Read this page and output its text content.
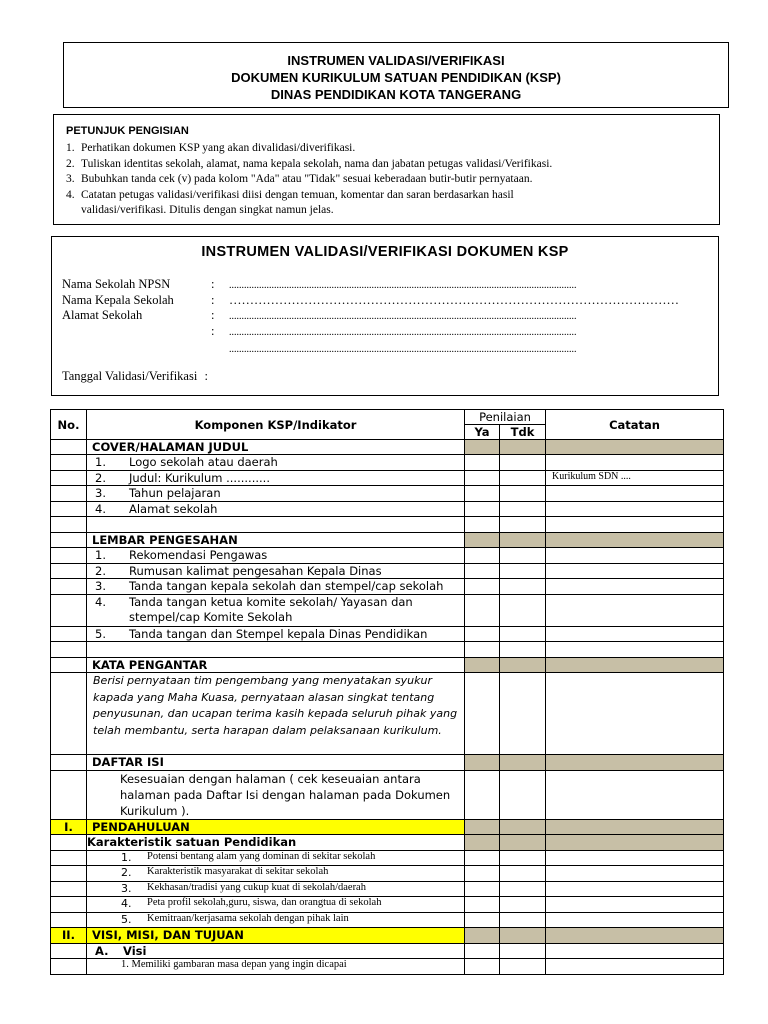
INSTRUMEN VALIDASI/VERIFIKASI
DOKUMEN KURIKULUM SATUAN PENDIDIKAN (KSP)
DINAS PENDIDIKAN KOTA TANGERANG
PETUNJUK PENGISIAN
1. Perhatikan dokumen KSP yang akan divalidasi/diverifikasi.
2. Tuliskan identitas sekolah, alamat, nama kepala sekolah, nama dan jabatan petugas validasi/Verifikasi.
3. Bubuhkan tanda cek (v) pada kolom "Ada" atau "Tidak" sesuai keberadaan butir-butir pernyataan.
4. Catatan petugas validasi/verifikasi diisi dengan temuan, komentar dan saran berdasarkan hasil validasi/verifikasi. Ditulis dengan singkat namun jelas.
INSTRUMEN VALIDASI/VERIFIKASI DOKUMEN KSP
Nama Sekolah NPSN	: ...........................................................................................................................................
Nama Kepala Sekolah	: ………………………………………………………………………………………………
Alamat Sekolah	: ...........................................................................................................................................
: ...........................................................................................................................................
...........................................................................................................................................
Tanggal Validasi/Verifikasi :
No.	Komponen KSP/Indikator	Penilaian		Catatan
		Ya	Tdk	
	COVER/HALAMAN JUDUL			

	1. Logo sekolah atau daerah			

	2. Judul: Kurikulum ............			Kurikulum SDN ....

	3. Tahun pelajaran			

	4. Alamat sekolah			

	LEMBAR PENGESAHAN			

	1. Rekomendasi Pengawas			

	2. Rumusan kalimat pengesahan Kepala Dinas			

	3. Tanda tangan kepala sekolah dan stempel/cap sekolah			

	4. Tanda tangan ketua komite sekolah/ Yayasan dan stempel/cap Komite Sekolah			

	5. Tanda tangan dan Stempel kepala Dinas Pendidikan			

	KATA PENGANTAR			
	Berisi pernyataan tim pengembang yang menyatakan syukur kapada yang Maha Kuasa, pernyataan alasan singkat tentang penyusunan, dan ucapan terima kasih kepada seluruh pihak yang telah membantu, serta harapan dalam pelaksanaan kurikulum.			
	DAFTAR ISI			
	Kesesuaian dengan halaman ( cek keseuaian antara halaman pada Daftar Isi dengan halaman pada Dokumen Kurikulum ).			
I.	PENDAHULUAN			
	Karakteristik satuan Pendidikan			

	1. Potensi bentang alam yang dominan di sekitar sekolah			

	2. Karakteristik masyarakat di sekitar sekolah			

	3. Kekhasan/tradisi yang cukup kuat di sekolah/daerah			

	4. Peta profil sekolah,guru, siswa, dan orangtua di sekolah			

	5. Kemitraan/kerjasama sekolah dengan pihak lain			
II.	VISI, MISI, DAN TUJUAN			

	A. Visi			
	1. Memiliki gambaran masa depan yang ingin dicapai			
